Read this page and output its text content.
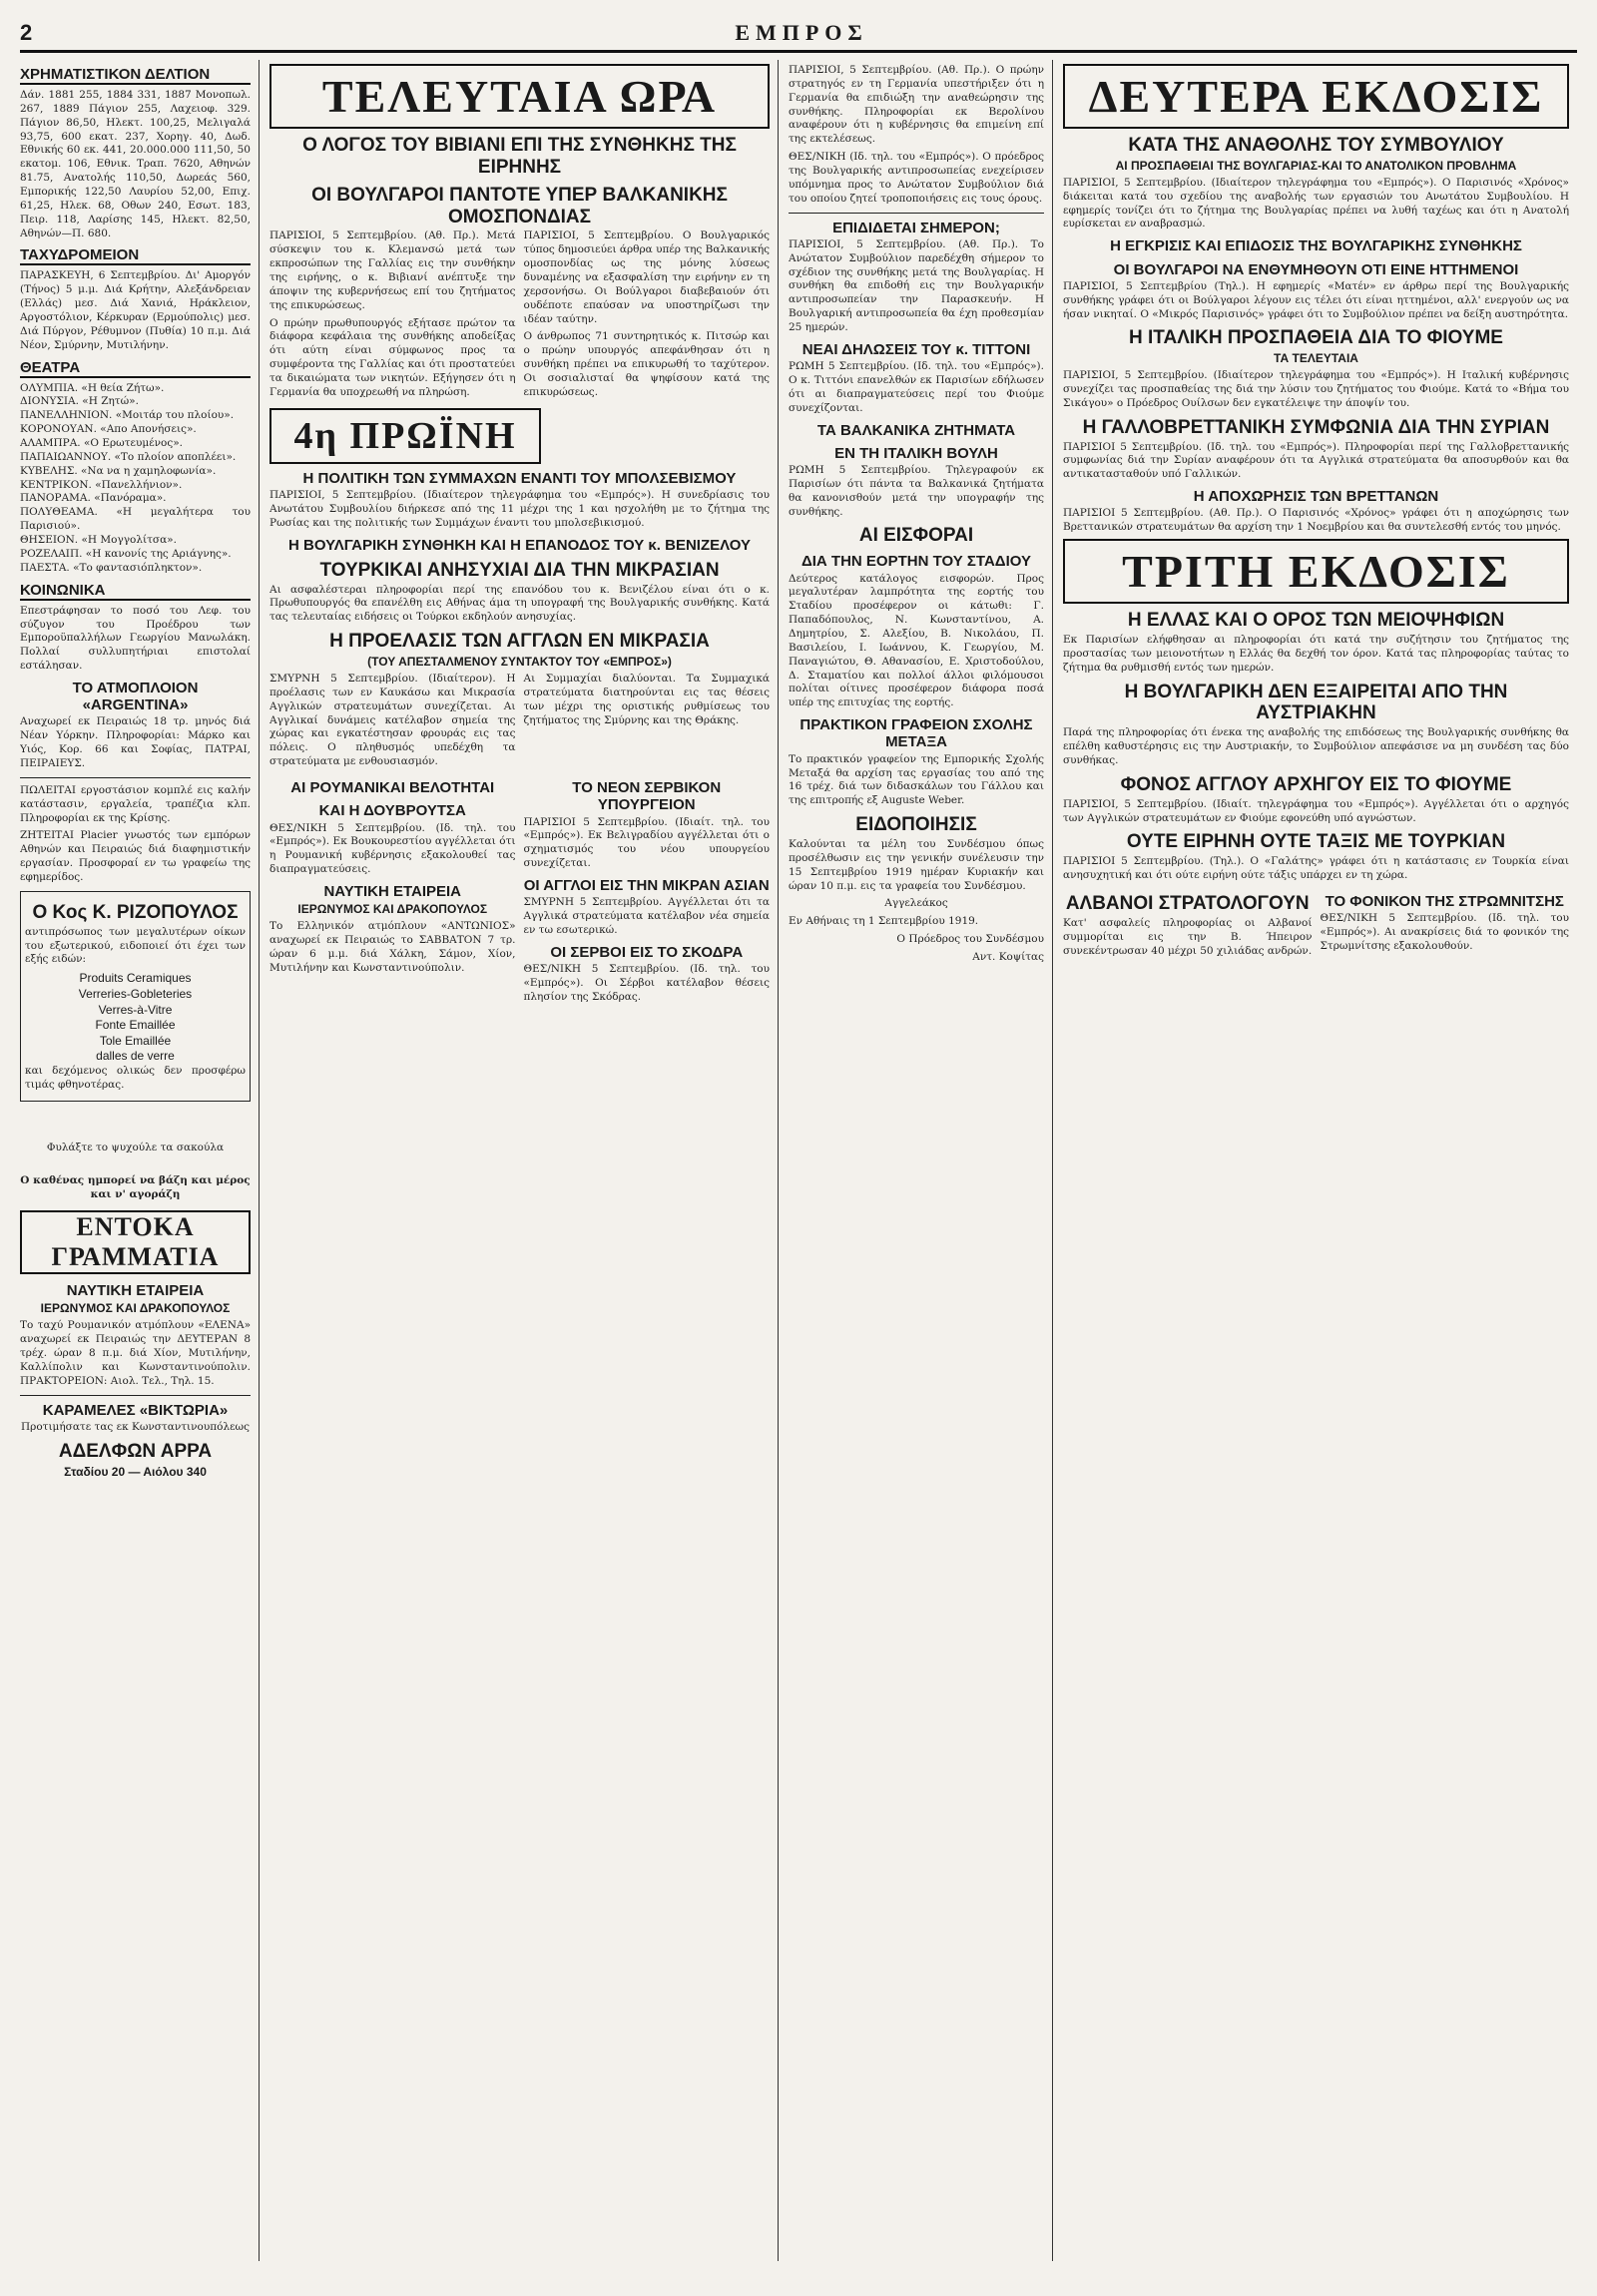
2	ΕΜΠΡΟΣ

ΧΡΗΜΑΤΙΣΤΙΚΟΝ ΔΕΛΤΙΟΝ

Δάν. 1881 255, 1884 331, 1887 Μονοπωλ. 267, 1889 Πάγιον 255, Λαχειοφ. 329. Πάγιον 86,50, Ηλεκτ. 100,25, Μελιγαλά 93,75, 600 εκατ. 237, Χορηγ. 40, Δωδ. Εθνικής 60 εκ. 441, 20.000.000 111,50, 50 εκατομ. 106, Εθνικ. Τραπ. 7620, Αθηνών 81.75, Ανατολής 110,50, Δωρεάς 560, Εμπορικής 122,50 Λαυρίου 52,00, Επιχ. 61,25, Ηλεκ. 68, Οθων 240, Εσωτ. 183, Πειρ. 118, Λαρίσης 145, Ηλεκτ. 82,50, Αθηνών—Π. 680.

ΤΑΧΥΔΡΟΜΕΙΟΝ

ΠΑΡΑΣΚΕΥΗ, 6 Σεπτεμβρίου. Δι' Αμοργόν (Τήνος) 5 μ.μ. Διά Κρήτην, Αλεξάνδρειαν (Ελλάς) μεσ. Διά Χανιά, Ηράκλειον, Αργοστόλιον, Κέρκυραν (Ερμούπολις) μεσ. Διά Πύργον, Ρέθυμνον (Πυθία) 10 π.μ. Διά Νέον, Σμύρνην, Μυτιλήνην.

ΘΕΑΤΡΑ
ΟΛΥΜΠΙΑ. «Η θεία Ζήτω».
ΔΙΟΝΥΣΙΑ. «Η Ζητώ».
ΠΑΝΕΛΛΗΝΙΟΝ. «Μοιτάρ του πλοίου».
ΚΟΡΟΝΟΥΑΝ. «Απο Απονήσεις».
ΑΛΑΜΠΡΑ. «Ο Ερωτευμένος».
ΠΑΠΑΙΩΑΝΝΟΥ. «Το πλοίον αποπλέει».
ΚΥΒΕΛΗΣ. «Να να η χαμηλοφωνία».
ΚΕΝΤΡΙΚΟΝ. «Πανελλήνιον».
ΠΑΝΟΡΑΜΑ. «Πανόραμα».
ΠΟΛΥΘΕΑΜΑ. «Η μεγαλήτερα του Παρισιού».
ΘΗΣΕΙΟΝ. «Η Μογγολίτσα».
ΡΟΖΕΛΑΙΠ. «Η κανονίς της Αριάγνης».
ΠΑΕΣΤΑ. «Το φαντασιόπληκτον».
ΚΟΙΝΩΝΙΚΑ

Επεστράφησαν το ποσό του Λεφ. του σύζυγον του Προέδρου των Εμποροϋπαλλήλων Γεωργίου Μανωλάκη. Πολλαί συλλυπητήριαι επιστολαί εστάλησαν.

ΤΟ ΑΤΜΟΠΛΟΙΟΝ «ARGENTINA»

Αναχωρεί εκ Πειραιώς 18 τρ. μηνός διά Νέαν Υόρκην. Πληροφορίαι: Μάρκο και Υιός, Κορ. 66 και Σοφίας, ΠΑΤΡΑΙ, ΠΕΙΡΑΙΕΥΣ.

ΠΩΛΕΙΤΑΙ εργοστάσιον κομπλέ εις καλήν κατάστασιν, εργαλεία, τραπέζια κλπ. Πληροφορίαι εκ της Κρίσης.

ΖΗΤΕΙΤΑΙ Placier γνωστός των εμπόρων Αθηνών και Πειραιώς διά διαφημιστικήν εργασίαν. Προσφοραί εν τω γραφείω της εφημερίδος.

Ο Κος Κ. ΡΙΖΟΠΟΥΛΟΣ

αντιπρόσωπος των μεγαλυτέρων οίκων του εξωτερικού, ειδοποιεί ότι έχει των εξής ειδών:

Produits Ceramiques
Verreries-Gobleteries
Verres-à-Vitre
Fonte Emaillée
Tole Emaillée
dalles de verre

και δεχόμενος ολικώς δεν προσφέρω τιμάς φθηνοτέρας.

Φυλάξτε το ψυχούλε τα σακούλα

Ο καθένας ημπορεί να βάζη και μέρος και ν' αγοράζη

ΕΝΤΟΚΑ ΓΡΑΜΜΑΤΙΑ
ΝΑΥΤΙΚΗ ΕΤΑΙΡΕΙΑ
ΙΕΡΩΝΥΜΟΣ ΚΑΙ ΔΡΑΚΟΠΟΥΛΟΣ

Το ταχύ Ρουμανικόν ατμόπλουν «ΕΛΕΝΑ» αναχωρεί εκ Πειραιώς την ΔΕΥΤΕΡΑΝ 8 τρέχ. ώραν 8 π.μ. διά Χίον, Μυτιλήνην, Καλλίπολιν και Κωνσταντινούπολιν. ΠΡΑΚΤΟΡΕΙΟΝ: Αιολ. Τελ., Τηλ. 15.

ΚΑΡΑΜΕΛΕΣ «ΒΙΚΤΩΡΙΑ»

Προτιμήσατε τας εκ Κωνσταντινουπόλεως

ΑΔΕΛΦΩΝ ΑΡΡΑ
Σταδίου 20 — Αιόλου 340
ΤΕΛΕΥΤΑΙΑ ΩΡΑ
Ο ΛΟΓΟΣ ΤΟΥ ΒΙΒΙΑΝΙ ΕΠΙ ΤΗΣ ΣΥΝΘΗΚΗΣ ΤΗΣ ΕΙΡΗΝΗΣ
ΟΙ ΒΟΥΛΓΑΡΟΙ ΠΑΝΤΟΤΕ ΥΠΕΡ ΒΑΛΚΑΝΙΚΗΣ ΟΜΟΣΠΟΝΔΙΑΣ

ΠΑΡΙΣΙΟΙ, 5 Σεπτεμβρίου. (Αθ. Πρ.). Μετά σύσκεψιν του κ. Κλεμανσώ μετά των εκπροσώπων της Γαλλίας εις την συνθήκην της ειρήνης, ο κ. Βιβιανί ανέπτυξε την άποψιν της κυβερνήσεως επί του ζητήματος της επικυρώσεως.

Ο πρώην πρωθυπουργός εξήτασε πρώτον τα διάφορα κεφάλαια της συνθήκης αποδείξας ότι αύτη είναι σύμφωνος προς τα συμφέροντα της Γαλλίας και ότι προστατεύει τα δικαιώματα των νικητών. Εξήγησεν ότι η Γερμανία θα υποχρεωθή να πληρώση.

ΠΑΡΙΣΙΟΙ, 5 Σεπτεμβρίου. Ο Βουλγαρικός τύπος δημοσιεύει άρθρα υπέρ της Βαλκανικής ομοσπονδίας ως της μόνης λύσεως δυναμένης να εξασφαλίση την ειρήνην εν τη χερσονήσω. Οι Βούλγαροι διαβεβαιούν ότι ουδέποτε επαύσαν να υποστηρίζωσι την ιδέαν ταύτην.

Ο άνθρωπος 71 συντηρητικός κ. Πιτσώρ και ο πρώην υπουργός απεφάνθησαν ότι η συνθήκη πρέπει να επικυρωθή το ταχύτερον. Οι σοσιαλισταί θα ψηφίσουν κατά της επικυρώσεως.

4η ΠΡΩΪΝΗ
Η ΠΟΛΙΤΙΚΗ ΤΩΝ ΣΥΜΜΑΧΩΝ ΕΝΑΝΤΙ ΤΟΥ ΜΠΟΛΣΕΒΙΣΜΟΥ

ΠΑΡΙΣΙΟΙ, 5 Σεπτεμβρίου. (Ιδιαίτερον τηλεγράφημα του «Εμπρός»). Η συνεδρίασις του Ανωτάτου Συμβουλίου διήρκεσε από της 11 μέχρι της 1 και ησχολήθη με το ζήτημα της Ρωσίας και της πολιτικής των Συμμάχων έναντι του μπολσεβικισμού.

Η ΒΟΥΛΓΑΡΙΚΗ ΣΥΝΘΗΚΗ ΚΑΙ Η ΕΠΑΝΟΔΟΣ ΤΟΥ κ. ΒΕΝΙΖΕΛΟΥ
ΤΟΥΡΚΙΚΑΙ ΑΝΗΣΥΧΙΑΙ ΔΙΑ ΤΗΝ ΜΙΚΡΑΣΙΑΝ

Αι ασφαλέστεραι πληροφορίαι περί της επανόδου του κ. Βενιζέλου είναι ότι ο κ. Πρωθυπουργός θα επανέλθη εις Αθήνας άμα τη υπογραφή της Βουλγαρικής συνθήκης. Κατά τας τελευταίας ειδήσεις οι Τούρκοι εκδηλούν ανησυχίας.

Η ΠΡΟΕΛΑΣΙΣ ΤΩΝ ΑΓΓΛΩΝ ΕΝ ΜΙΚΡΑΣΙΑ
(ΤΟΥ ΑΠΕΣΤΑΛΜΕΝΟΥ ΣΥΝΤΑΚΤΟΥ ΤΟΥ «ΕΜΠΡΟΣ»)

ΣΜΥΡΝΗ 5 Σεπτεμβρίου. (Ιδιαίτερον). Η προέλασις των εν Καυκάσω και Μικρασία Αγγλικών στρατευμάτων συνεχίζεται. Αι Αγγλικαί δυνάμεις κατέλαβον σημεία της χώρας και εγκατέστησαν φρουράς εις τας πόλεις. Ο πληθυσμός υπεδέχθη τα στρατεύματα με ενθουσιασμόν.

Αι Συμμαχίαι διαλύονται. Τα Συμμαχικά στρατεύματα διατηρούνται εις τας θέσεις των μέχρι της οριστικής ρυθμίσεως του ζητήματος της Σμύρνης και της Θράκης.

ΑΙ ΡΟΥΜΑΝΙΚΑΙ ΒΕΛΟΤΗΤΑΙ
ΚΑΙ Η ΔΟΥΒΡΟΥΤΣΑ

ΘΕΣ/ΝΙΚΗ 5 Σεπτεμβρίου. (Ιδ. τηλ. του «Εμπρός»). Εκ Βουκουρεστίου αγγέλλεται ότι η Ρουμανική κυβέρνησις εξακολουθεί τας διαπραγματεύσεις.

ΝΑΥΤΙΚΗ ΕΤΑΙΡΕΙΑ
ΙΕΡΩΝΥΜΟΣ ΚΑΙ ΔΡΑΚΟΠΟΥΛΟΣ

Το Ελληνικόν ατμόπλουν «ΑΝΤΩΝΙΟΣ» αναχωρεί εκ Πειραιώς το ΣΑΒΒΑΤΟΝ 7 τρ. ώραν 6 μ.μ. διά Χάλκη, Σάμον, Χίον, Μυτιλήνην και Κωνσταντινούπολιν.

ΤΟ ΝΕΟΝ ΣΕΡΒΙΚΟΝ ΥΠΟΥΡΓΕΙΟΝ

ΠΑΡΙΣΙΟΙ 5 Σεπτεμβρίου. (Ιδιαίτ. τηλ. του «Εμπρός»). Εκ Βελιγραδίου αγγέλλεται ότι ο σχηματισμός του νέου υπουργείου συνεχίζεται.

ΟΙ ΑΓΓΛΟΙ ΕΙΣ ΤΗΝ ΜΙΚΡΑΝ ΑΣΙΑΝ

ΣΜΥΡΝΗ 5 Σεπτεμβρίου. Αγγέλλεται ότι τα Αγγλικά στρατεύματα κατέλαβον νέα σημεία εν τω εσωτερικώ.

ΟΙ ΣΕΡΒΟΙ ΕΙΣ ΤΟ ΣΚΟΔΡΑ

ΘΕΣ/ΝΙΚΗ 5 Σεπτεμβρίου. (Ιδ. τηλ. του «Εμπρός»). Οι Σέρβοι κατέλαβον θέσεις πλησίον της Σκόδρας.

ΠΑΡΙΣΙΟΙ, 5 Σεπτεμβρίου. (Αθ. Πρ.). Ο πρώην στρατηγός εν τη Γερμανία υπεστήριξεν ότι η Γερμανία θα επιδιώξη την αναθεώρησιν της συνθήκης. Πληροφορίαι εκ Βερολίνου αναφέρουν ότι η κυβέρνησις θα επιμείνη επί της εκτελέσεως.

ΘΕΣ/ΝΙΚΗ (Ιδ. τηλ. του «Εμπρός»). Ο πρόεδρος της Βουλγαρικής αντιπροσωπείας ενεχείρισεν υπόμνημα προς το Ανώτατον Συμβούλιον διά του οποίου ζητεί τροποποιήσεις εις τους όρους.

ΕΠΙΔΙΔΕΤΑΙ ΣΗΜΕΡΟΝ;

ΠΑΡΙΣΙΟΙ, 5 Σεπτεμβρίου. (Αθ. Πρ.). Το Ανώτατον Συμβούλιον παρεδέχθη σήμερον το σχέδιον της συνθήκης μετά της Βουλγαρίας. Η συνθήκη θα επιδοθή εις την Βουλγαρικήν αντιπροσωπείαν την Παρασκευήν. Η Βουλγαρική αντιπροσωπεία θα έχη προθεσμίαν 25 ημερών.

ΝΕΑΙ ΔΗΛΩΣΕΙΣ ΤΟΥ κ. ΤΙΤΤΟΝΙ

ΡΩΜΗ 5 Σεπτεμβρίου. (Ιδ. τηλ. του «Εμπρός»). Ο κ. Τιττόνι επανελθών εκ Παρισίων εδήλωσεν ότι αι διαπραγματεύσεις περί του Φιούμε συνεχίζονται.

ΤΑ ΒΑΛΚΑΝΙΚΑ ΖΗΤΗΜΑΤΑ
ΕΝ ΤΗ ΙΤΑΛΙΚΗ ΒΟΥΛΗ

ΡΩΜΗ 5 Σεπτεμβρίου. Τηλεγραφούν εκ Παρισίων ότι πάντα τα Βαλκανικά ζητήματα θα κανονισθούν μετά την υπογραφήν της συνθήκης.

ΑΙ ΕΙΣΦΟΡΑΙ
ΔΙΑ ΤΗΝ ΕΟΡΤΗΝ ΤΟΥ ΣΤΑΔΙΟΥ

Δεύτερος κατάλογος εισφορών. Προς μεγαλυτέραν λαμπρότητα της εορτής του Σταδίου προσέφερον οι κάτωθι: Γ. Παπαδόπουλος, Ν. Κωνσταντίνου, Α. Δημητρίου, Σ. Αλεξίου, Β. Νικολάου, Π. Βασιλείου, Ι. Ιωάννου, Κ. Γεωργίου, Μ. Παναγιώτου, Θ. Αθανασίου, Ε. Χριστοδούλου, Δ. Σταματίου και πολλοί άλλοι φιλόμουσοι πολίται οίτινες προσέφερον διάφορα ποσά υπέρ της επιτυχίας της εορτής.

ΠΡΑΚΤΙΚΟΝ ΓΡΑΦΕΙΟΝ ΣΧΟΛΗΣ ΜΕΤΑΞΑ

Το πρακτικόν γραφείον της Εμπορικής Σχολής Μεταξά θα αρχίση τας εργασίας του από της 16 τρέχ. διά των διδασκάλων του Γάλλου και της επιτροπής εξ Auguste Weber.

ΕΙΔΟΠΟΙΗΣΙΣ

Καλούνται τα μέλη του Συνδέσμου όπως προσέλθωσιν εις την γενικήν συνέλευσιν την 15 Σεπτεμβρίου 1919 ημέραν Κυριακήν και ώραν 10 π.μ. εις τα γραφεία του Συνδέσμου.

Αγγελεάκος

Εν Αθήναις τη 1 Σεπτεμβρίου 1919.

Ο Πρόεδρος του Συνδέσμου

Αντ. Κοψίτας

ΔΕΥΤΕΡΑ ΕΚΔΟΣΙΣ
ΚΑΤΑ ΤΗΣ ΑΝΑΘΟΛΗΣ ΤΟΥ ΣΥΜΒΟΥΛΙΟΥ
ΑΙ ΠΡΟΣΠΑΘΕΙΑΙ ΤΗΣ ΒΟΥΛΓΑΡΙΑΣ-ΚΑΙ ΤΟ ΑΝΑΤΟΛΙΚΟΝ ΠΡΟΒΛΗΜΑ

ΠΑΡΙΣΙΟΙ, 5 Σεπτεμβρίου. (Ιδιαίτερον τηλεγράφημα του «Εμπρός»). Ο Παρισινός «Χρόνος» διάκειται κατά του σχεδίου της αναβολής των εργασιών του Ανωτάτου Συμβουλίου. Η εφημερίς τονίζει ότι το ζήτημα της Βουλγαρίας πρέπει να λυθή ταχέως και ότι η Ανατολή ευρίσκεται εν αναβρασμώ.

Η ΕΓΚΡΙΣΙΣ ΚΑΙ ΕΠΙΔΟΣΙΣ ΤΗΣ ΒΟΥΛΓΑΡΙΚΗΣ ΣΥΝΘΗΚΗΣ
ΟΙ ΒΟΥΛΓΑΡΟΙ ΝΑ ΕΝΘΥΜΗΘΟΥΝ ΟΤΙ ΕΙΝΕ ΗΤΤΗΜΕΝΟΙ

ΠΑΡΙΣΙΟΙ, 5 Σεπτεμβρίου (Τηλ.). Η εφημερίς «Ματέν» εν άρθρω περί της Βουλγαρικής συνθήκης γράφει ότι οι Βούλγαροι λέγουν εις τέλει ότι είναι ηττημένοι, αλλ' ενεργούν ως να ήσαν νικηταί. Ο «Μικρός Παρισινός» γράφει ότι το Συμβούλιον πρέπει να δείξη αυστηρότητα.

Η ΙΤΑΛΙΚΗ ΠΡΟΣΠΑΘΕΙΑ ΔΙΑ ΤΟ ΦΙΟΥΜΕ
ΤΑ ΤΕΛΕΥΤΑΙΑ

ΠΑΡΙΣΙΟΙ, 5 Σεπτεμβρίου. (Ιδιαίτερον τηλεγράφημα του «Εμπρός»). Η Ιταλική κυβέρνησις συνεχίζει τας προσπαθείας της διά την λύσιν του ζητήματος του Φιούμε. Κατά το «Βήμα του Σικάγου» ο Πρόεδρος Ουίλσων δεν εγκατέλειψε την άποψίν του.

Η ΓΑΛΛΟΒΡΕΤΤΑΝΙΚΗ ΣΥΜΦΩΝΙΑ ΔΙΑ ΤΗΝ ΣΥΡΙΑΝ

ΠΑΡΙΣΙΟΙ 5 Σεπτεμβρίου. (Ιδ. τηλ. του «Εμπρός»). Πληροφορίαι περί της Γαλλοβρεττανικής συμφωνίας διά την Συρίαν αναφέρουν ότι τα Αγγλικά στρατεύματα θα αποσυρθούν και θα αντικατασταθούν υπό Γαλλικών.

Η ΑΠΟΧΩΡΗΣΙΣ ΤΩΝ ΒΡΕΤΤΑΝΩΝ

ΠΑΡΙΣΙΟΙ 5 Σεπτεμβρίου. (Αθ. Πρ.). Ο Παρισινός «Χρόνος» γράφει ότι η αποχώρησις των Βρεττανικών στρατευμάτων θα αρχίση την 1 Νοεμβρίου και θα συντελεσθή εντός του μηνός.

ΤΡΙΤΗ ΕΚΔΟΣΙΣ
Η ΕΛΛΑΣ ΚΑΙ Ο ΟΡΟΣ ΤΩΝ ΜΕΙΟΨΗΦΙΩΝ

Εκ Παρισίων ελήφθησαν αι πληροφορίαι ότι κατά την συζήτησιν του ζητήματος της προστασίας των μειονοτήτων η Ελλάς θα δεχθή τον όρον. Κατά τας πληροφορίας ταύτας το ζήτημα θα ρυθμισθή εντός των ημερών.

Η ΒΟΥΛΓΑΡΙΚΗ ΔΕΝ ΕΞΑΙΡΕΙΤΑΙ ΑΠΟ ΤΗΝ ΑΥΣΤΡΙΑΚΗΝ

Παρά της πληροφορίας ότι ένεκα της αναβολής της επιδόσεως της Βουλγαρικής συνθήκης θα επέλθη καθυστέρησις εις την Αυστριακήν, το Συμβούλιον απεφάσισε να μη συνδέση τας δύο συνθήκας.

ΦΟΝΟΣ ΑΓΓΛΟΥ ΑΡΧΗΓΟΥ ΕΙΣ ΤΟ ΦΙΟΥΜΕ

ΠΑΡΙΣΙΟΙ, 5 Σεπτεμβρίου. (Ιδιαίτ. τηλεγράφημα του «Εμπρός»). Αγγέλλεται ότι ο αρχηγός των Αγγλικών στρατευμάτων εν Φιούμε εφονεύθη υπό αγνώστων.

ΟΥΤΕ ΕΙΡΗΝΗ ΟΥΤΕ ΤΑΞΙΣ ΜΕ ΤΟΥΡΚΙΑΝ

ΠΑΡΙΣΙΟΙ 5 Σεπτεμβρίου. (Τηλ.). Ο «Γαλάτης» γράφει ότι η κατάστασις εν Τουρκία είναι ανησυχητική και ότι ούτε ειρήνη ούτε τάξις υπάρχει εν τη χώρα.

ΑΛΒΑΝΟΙ ΣΤΡΑΤΟΛΟΓΟΥΝ

Κατ' ασφαλείς πληροφορίας οι Αλβανοί συμμορίται εις την Β. Ήπειρον συνεκέντρωσαν 40 μέχρι 50 χιλιάδας ανδρών.

ΤΟ ΦΟΝΙΚΟΝ ΤΗΣ ΣΤΡΩΜΝΙΤΣΗΣ

ΘΕΣ/ΝΙΚΗ 5 Σεπτεμβρίου. (Ιδ. τηλ. του «Εμπρός»). Αι ανακρίσεις διά το φονικόν της Στρωμνίτσης εξακολουθούν.
